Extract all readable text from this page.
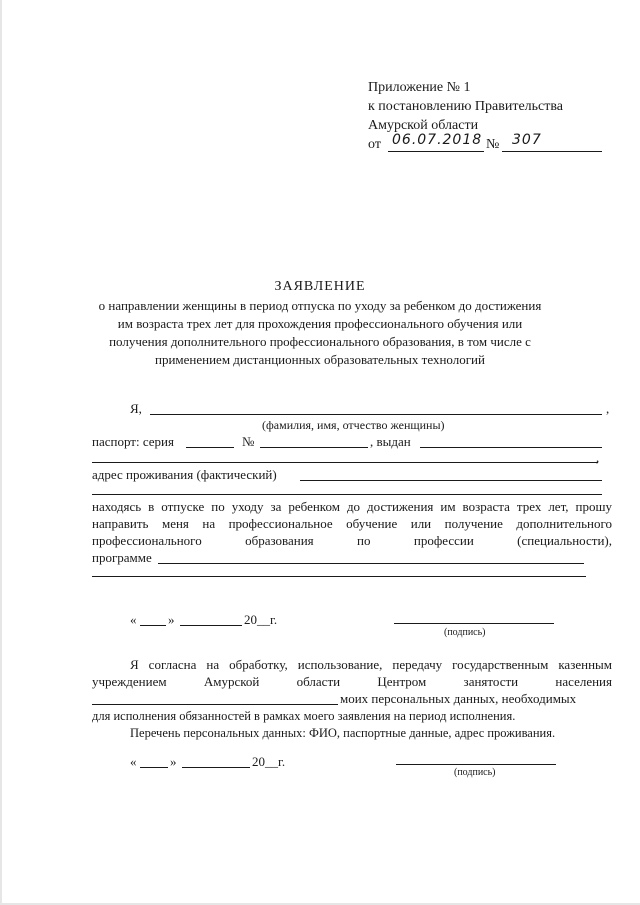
Приложение № 1
к постановлению Правительства
Амурской области
от 06.07.2018 № 307
ЗАЯВЛЕНИЕ
о направлении женщины в период отпуска по уходу за ребенком до достижения
им возраста трех лет для прохождения профессионального обучения или
получения дополнительного профессионального образования, в том числе с
применением дистанционных образовательных технологий
Я,	,
(фамилия, имя, отчество женщины)
паспорт: серия	№	, выдан
,
адрес проживания (фактический)
находясь в отпуске по уходу за ребенком до достижения им возраста трех лет, прошу
направить меня на профессиональное обучение или получение дополнительного
профессионального образования по профессии (специальности),
программе
« »	20__г.
(подпись)
Я согласна на обработку, использование, передачу государственным казенным
учреждением Амурской области Центром занятости населения
моих персональных данных, необходимых
для исполнения обязанностей в рамках моего заявления на период исполнения.
Перечень персональных данных: ФИО, паспортные данные, адрес проживания.
«	»	20__г.
(подпись)
